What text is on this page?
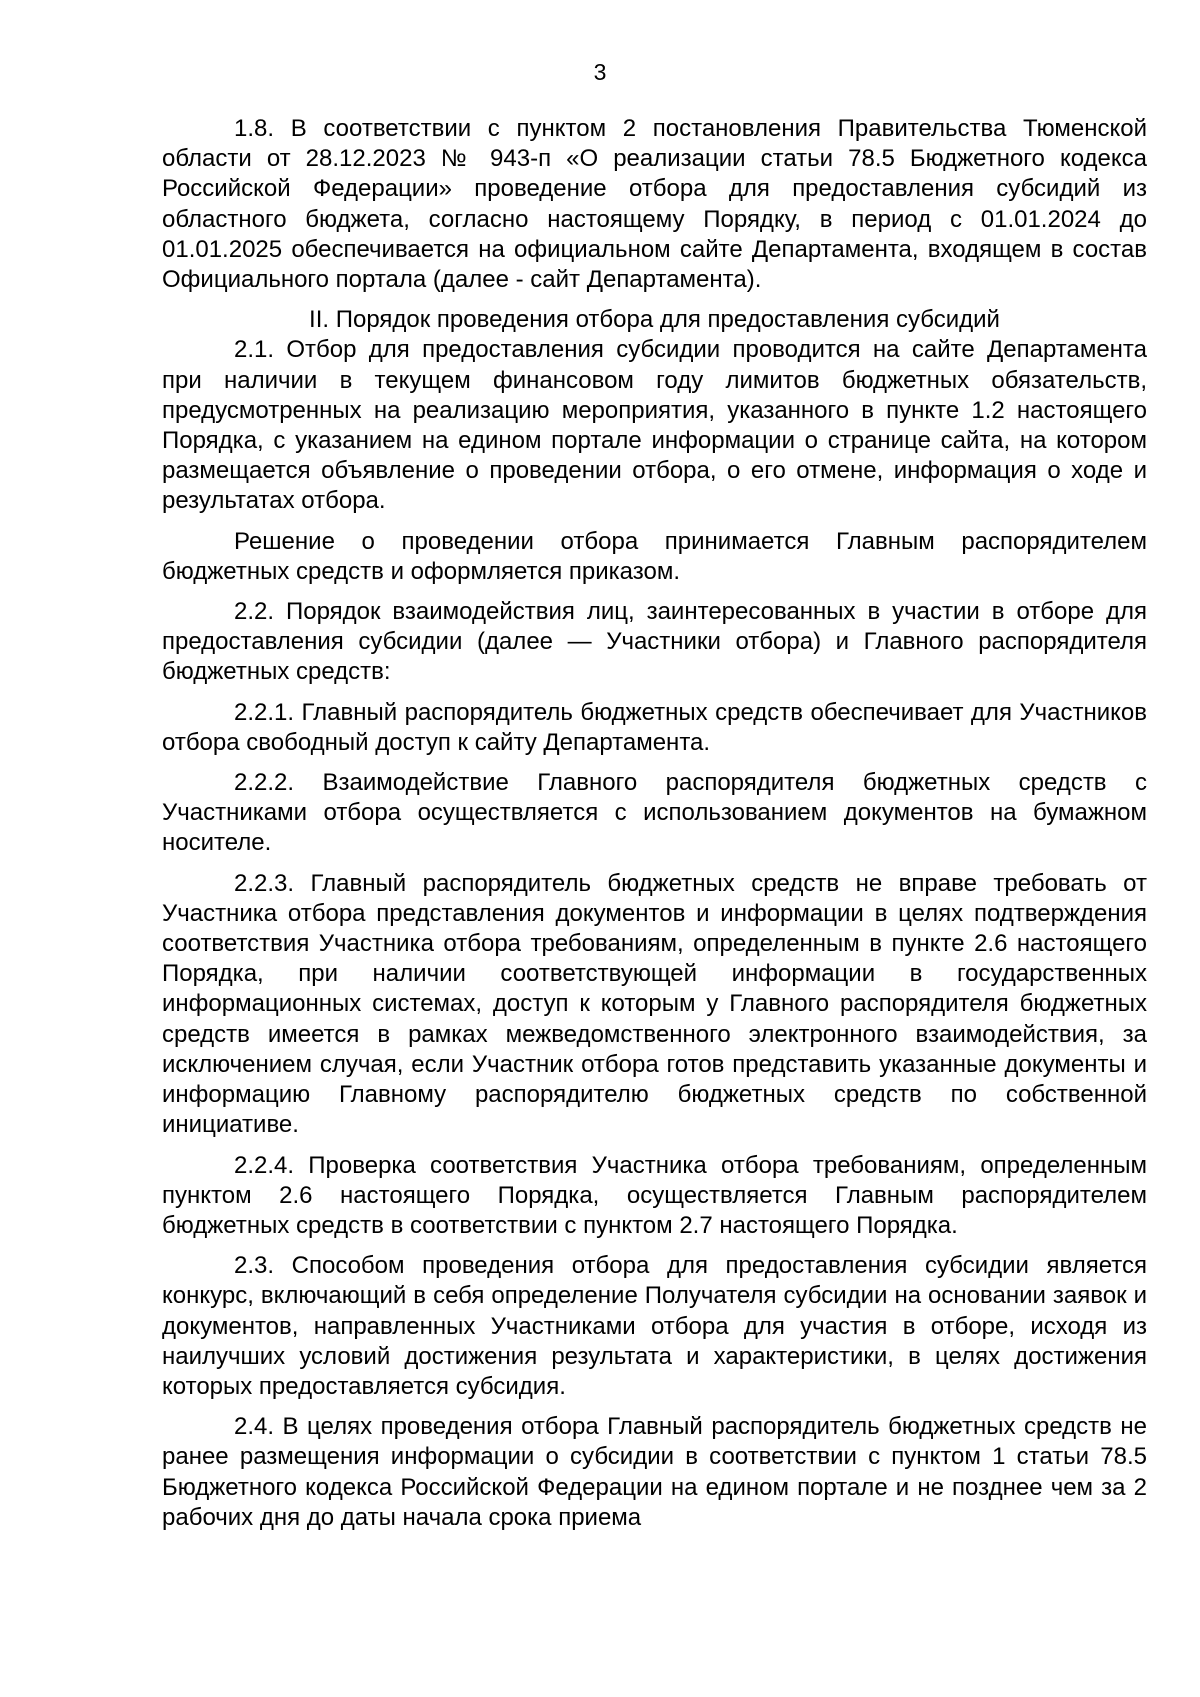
3

1.8. В соответствии с пунктом 2 постановления Правительства Тюменской области от 28.12.2023 № 943-п «О реализации статьи 78.5 Бюджетного кодекса Российской Федерации» проведение отбора для предоставления субсидий из областного бюджета, согласно настоящему Порядку, в период с 01.01.2024 до 01.01.2025 обеспечивается на официальном сайте Департамента, входящем в состав Официального портала (далее - сайт Департамента).

II. Порядок проведения отбора для предоставления субсидий

2.1. Отбор для предоставления субсидии проводится на сайте Департамента при наличии в текущем финансовом году лимитов бюджетных обязательств, предусмотренных на реализацию мероприятия, указанного в пункте 1.2 настоящего Порядка, с указанием на едином портале информации о странице сайта, на котором размещается объявление о проведении отбора, о его отмене, информация о ходе и результатах отбора.

Решение о проведении отбора принимается Главным распорядителем бюджетных средств и оформляется приказом.

2.2. Порядок взаимодействия лиц, заинтересованных в участии в отборе для предоставления субсидии (далее — Участники отбора) и Главного распорядителя бюджетных средств:

2.2.1. Главный распорядитель бюджетных средств обеспечивает для Участников отбора свободный доступ к сайту Департамента.

2.2.2. Взаимодействие Главного распорядителя бюджетных средств с Участниками отбора осуществляется с использованием документов на бумажном носителе.

2.2.3. Главный распорядитель бюджетных средств не вправе требовать от Участника отбора представления документов и информации в целях подтверждения соответствия Участника отбора требованиям, определенным в пункте 2.6 настоящего Порядка, при наличии соответствующей информации в государственных информационных системах, доступ к которым у Главного распорядителя бюджетных средств имеется в рамках межведомственного электронного взаимодействия, за исключением случая, если Участник отбора готов представить указанные документы и информацию Главному распорядителю бюджетных средств по собственной инициативе.

2.2.4. Проверка соответствия Участника отбора требованиям, определенным пунктом 2.6 настоящего Порядка, осуществляется Главным распорядителем бюджетных средств в соответствии с пунктом 2.7 настоящего Порядка.

2.3. Способом проведения отбора для предоставления субсидии является конкурс, включающий в себя определение Получателя субсидии на основании заявок и документов, направленных Участниками отбора для участия в отборе, исходя из наилучших условий достижения результата и характеристики, в целях достижения которых предоставляется субсидия.

2.4. В целях проведения отбора Главный распорядитель бюджетных средств не ранее размещения информации о субсидии в соответствии с пунктом 1 статьи 78.5 Бюджетного кодекса Российской Федерации на едином портале и не позднее чем за 2 рабочих дня до даты начала срока приема
